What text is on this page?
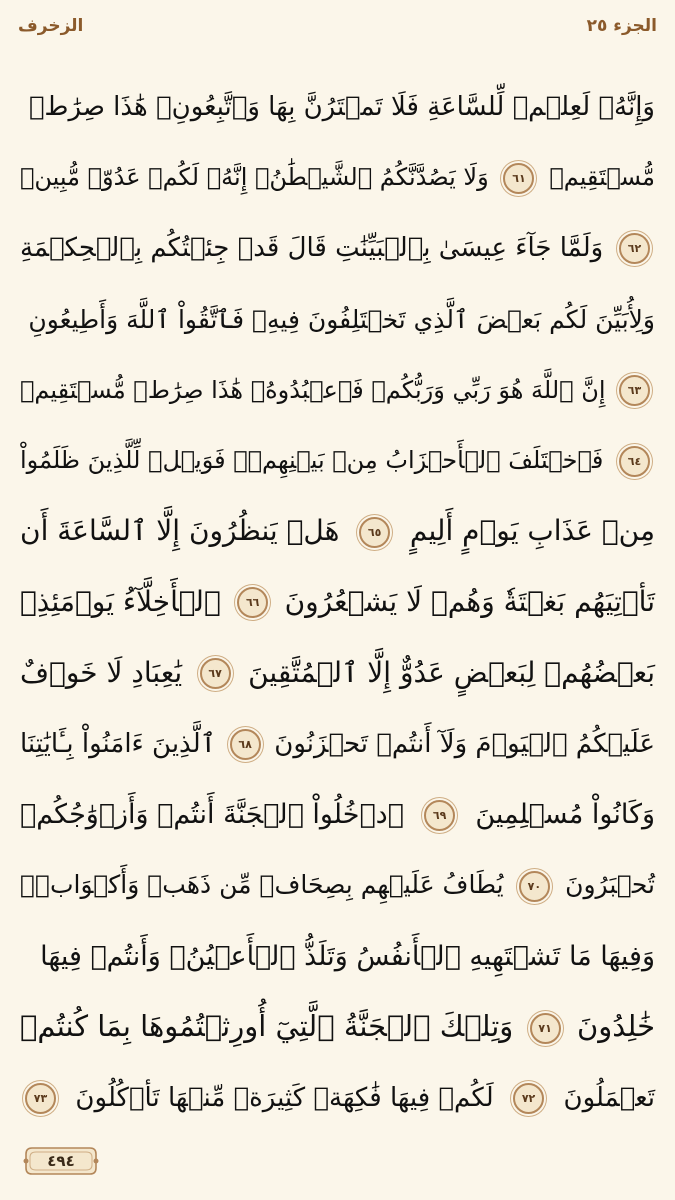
الجزء ٢٥
الزخرف
وَإِنَّهُۥ لَعِلۡمٞ لِّلسَّاعَةِ فَلَا تَمۡتَرُنَّ بِهَا وَٱتَّبِعُونِۚ هَٰذَا صِرَٰطٞ
مُّسۡتَقِيمٞ ٦١ وَلَا يَصُدَّنَّكُمُ ٱلشَّيۡطَٰنُۖ إِنَّهُۥ لَكُمۡ عَدُوّٞ مُّبِينٞ
٦٢ وَلَمَّا جَآءَ عِيسَىٰ بِٱلۡبَيِّنَٰتِ قَالَ قَدۡ جِئۡتُكُم بِٱلۡحِكۡمَةِ
وَلِأُبَيِّنَ لَكُم بَعۡضَ ٱلَّذِي تَخۡتَلِفُونَ فِيهِۖ فَٱتَّقُواْ ٱللَّهَ وَأَطِيعُونِ
٦٣ إِنَّ ٱللَّهَ هُوَ رَبِّي وَرَبُّكُمۡ فَٱعۡبُدُوهُۚ هَٰذَا صِرَٰطٞ مُّسۡتَقِيمٞ
٦٤ فَٱخۡتَلَفَ ٱلۡأَحۡزَابُ مِنۢ بَيۡنِهِمۡۖ فَوَيۡلٞ لِّلَّذِينَ ظَلَمُواْ
مِنۡ عَذَابِ يَوۡمٍ أَلِيمٍ ٦٥ هَلۡ يَنظُرُونَ إِلَّا ٱلسَّاعَةَ أَن
تَأۡتِيَهُم بَغۡتَةٗ وَهُمۡ لَا يَشۡعُرُونَ ٦٦ ٱلۡأَخِلَّآءُ يَوۡمَئِذِۭ
بَعۡضُهُمۡ لِبَعۡضٍ عَدُوٌّ إِلَّا ٱلۡمُتَّقِينَ ٦٧ يَٰعِبَادِ لَا خَوۡفٌ
عَلَيۡكُمُ ٱلۡيَوۡمَ وَلَآ أَنتُمۡ تَحۡزَنُونَ ٦٨ ٱلَّذِينَ ءَامَنُواْ بِـَٔايَٰتِنَا
وَكَانُواْ مُسۡلِمِينَ ٦٩ ٱدۡخُلُواْ ٱلۡجَنَّةَ أَنتُمۡ وَأَزۡوَٰجُكُمۡ
تُحۡبَرُونَ ٧٠ يُطَافُ عَلَيۡهِم بِصِحَافٖ مِّن ذَهَبٖ وَأَكۡوَابٖۖ
وَفِيهَا مَا تَشۡتَهِيهِ ٱلۡأَنفُسُ وَتَلَذُّ ٱلۡأَعۡيُنُۖ وَأَنتُمۡ فِيهَا
خَٰلِدُونَ ٧١ وَتِلۡكَ ٱلۡجَنَّةُ ٱلَّتِيٓ أُورِثۡتُمُوهَا بِمَا كُنتُمۡ
تَعۡمَلُونَ ٧٢ لَكُمۡ فِيهَا فَٰكِهَةٞ كَثِيرَةٞ مِّنۡهَا تَأۡكُلُونَ ٧٣
٤٩٤
